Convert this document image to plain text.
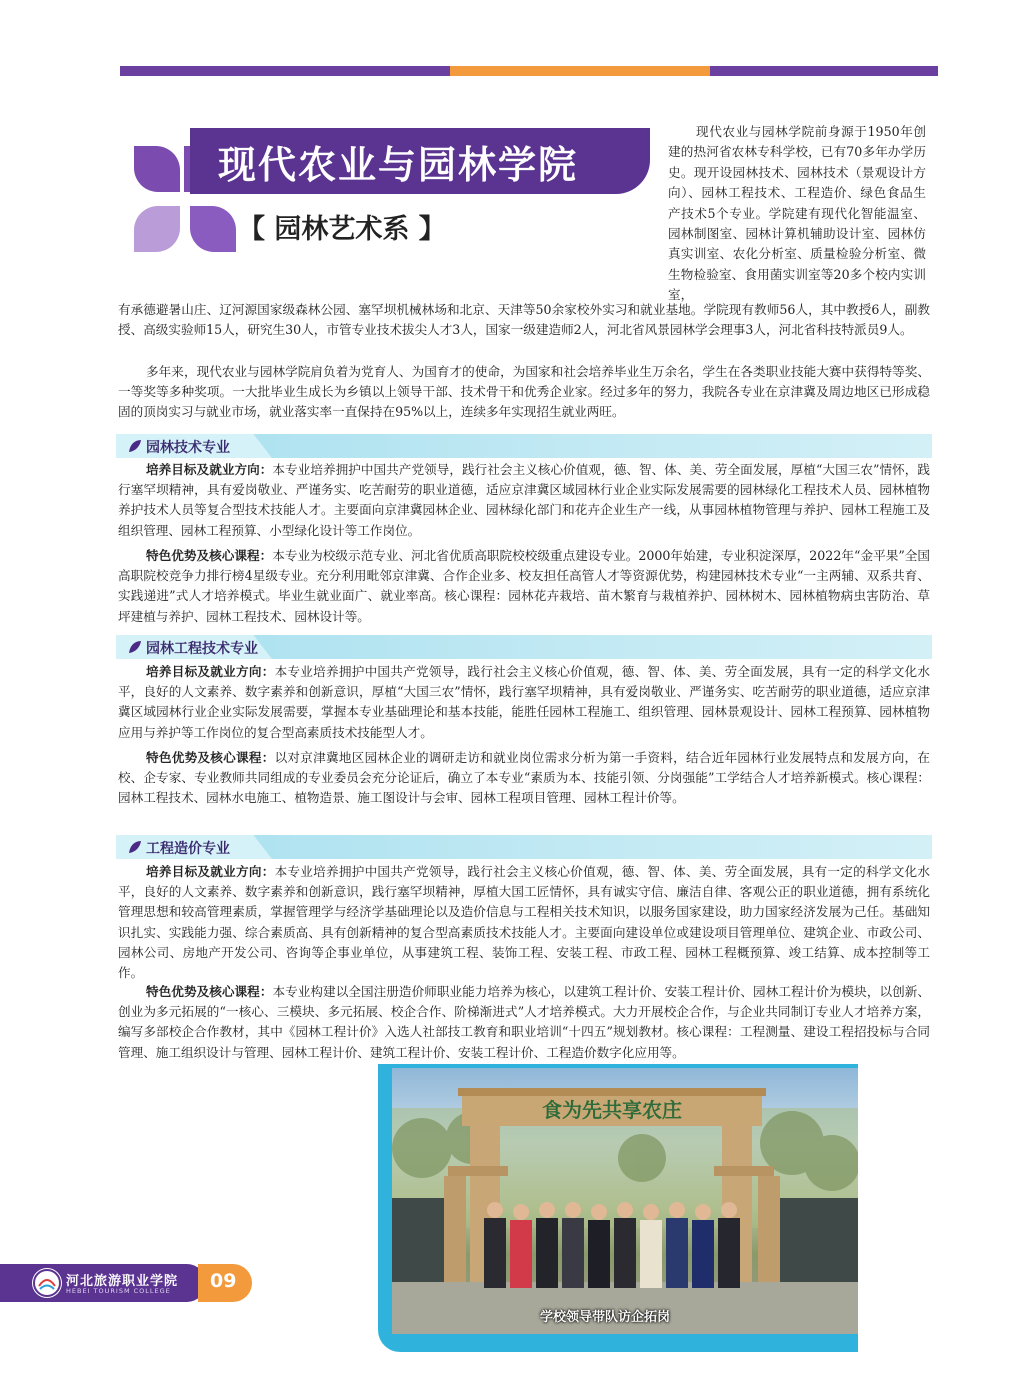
现代农业与园林学院
【 园林艺术系 】
现代农业与园林学院前身源于1950年创建的热河省农林专科学校，已有70多年办学历史。现开设园林技术、园林技术（景观设计方向）、园林工程技术、工程造价、绿色食品生产技术5个专业。学院建有现代化智能温室、园林制图室、园林计算机辅助设计室、园林仿真实训室、农化分析室、质量检验分析室、微生物检验室、食用菌实训室等20多个校内实训室，
有承德避暑山庄、辽河源国家级森林公园、塞罕坝机械林场和北京、天津等50余家校外实习和就业基地。学院现有教师56人，其中教授6人，副教授、高级实验师15人，研究生30人，市管专业技术拔尖人才3人，国家一级建造师2人，河北省风景园林学会理事3人，河北省科技特派员9人。
多年来，现代农业与园林学院肩负着为党育人、为国育才的使命，为国家和社会培养毕业生万余名，学生在各类职业技能大赛中获得特等奖、一等奖等多种奖项。一大批毕业生成长为乡镇以上领导干部、技术骨干和优秀企业家。经过多年的努力，我院各专业在京津冀及周边地区已形成稳固的顶岗实习与就业市场，就业落实率一直保持在95%以上，连续多年实现招生就业两旺。
园林技术专业
培养目标及就业方向：本专业培养拥护中国共产党领导，践行社会主义核心价值观，德、智、体、美、劳全面发展，厚植“大国三农”情怀，践行塞罕坝精神，具有爱岗敬业、严谨务实、吃苦耐劳的职业道德，适应京津冀区域园林行业企业实际发展需要的园林绿化工程技术人员、园林植物养护技术人员等复合型技术技能人才。主要面向京津冀园林企业、园林绿化部门和花卉企业生产一线，从事园林植物管理与养护、园林工程施工及组织管理、园林工程预算、小型绿化设计等工作岗位。
特色优势及核心课程：本专业为校级示范专业、河北省优质高职院校校级重点建设专业。2000年始建，专业积淀深厚，2022年“金平果”全国高职院校竞争力排行榜4星级专业。充分利用毗邻京津冀、合作企业多、校友担任高管人才等资源优势，构建园林技术专业“一主两辅、双系共育、实践递进”式人才培养模式。毕业生就业面广、就业率高。核心课程：园林花卉栽培、苗木繁育与栽植养护、园林树木、园林植物病虫害防治、草坪建植与养护、园林工程技术、园林设计等。
园林工程技术专业
培养目标及就业方向：本专业培养拥护中国共产党领导，践行社会主义核心价值观，德、智、体、美、劳全面发展，具有一定的科学文化水平，良好的人文素养、数字素养和创新意识，厚植“大国三农”情怀，践行塞罕坝精神，具有爱岗敬业、严谨务实、吃苦耐劳的职业道德，适应京津冀区域园林行业企业实际发展需要，掌握本专业基础理论和基本技能，能胜任园林工程施工、组织管理、园林景观设计、园林工程预算、园林植物应用与养护等工作岗位的复合型高素质技术技能型人才。
特色优势及核心课程：以对京津冀地区园林企业的调研走访和就业岗位需求分析为第一手资料，结合近年园林行业发展特点和发展方向，在校、企专家、专业教师共同组成的专业委员会充分论证后，确立了本专业“素质为本、技能引领、分岗强能”工学结合人才培养新模式。核心课程：园林工程技术、园林水电施工、植物造景、施工图设计与会审、园林工程项目管理、园林工程计价等。
工程造价专业
培养目标及就业方向：本专业培养拥护中国共产党领导，践行社会主义核心价值观，德、智、体、美、劳全面发展，具有一定的科学文化水平，良好的人文素养、数字素养和创新意识，践行塞罕坝精神，厚植大国工匠情怀，具有诚实守信、廉洁自律、客观公正的职业道德，拥有系统化管理思想和较高管理素质，掌握管理学与经济学基础理论以及造价信息与工程相关技术知识，以服务国家建设，助力国家经济发展为己任。基础知识扎实、实践能力强、综合素质高、具有创新精神的复合型高素质技术技能人才。主要面向建设单位或建设项目管理单位、建筑企业、市政公司、园林公司、房地产开发公司、咨询等企事业单位，从事建筑工程、装饰工程、安装工程、市政工程、园林工程概预算、竣工结算、成本控制等工作。
特色优势及核心课程：本专业构建以全国注册造价师职业能力培养为核心，以建筑工程计价、安装工程计价、园林工程计价为模块，以创新、创业为多元拓展的“一核心、三模块、多元拓展、校企合作、阶梯渐进式”人才培养模式。大力开展校企合作，与企业共同制订专业人才培养方案，编写多部校企合作教材，其中《园林工程计价》入选人社部技工教育和职业培训“十四五”规划教材。核心课程：工程测量、建设工程招投标与合同管理、施工组织设计与管理、园林工程计价、建筑工程计价、安装工程计价、工程造价数字化应用等。
食为先共享农庄
学校领导带队访企拓岗
河北旅游职业学院
HEBEI TOURISM COLLEGE 09
